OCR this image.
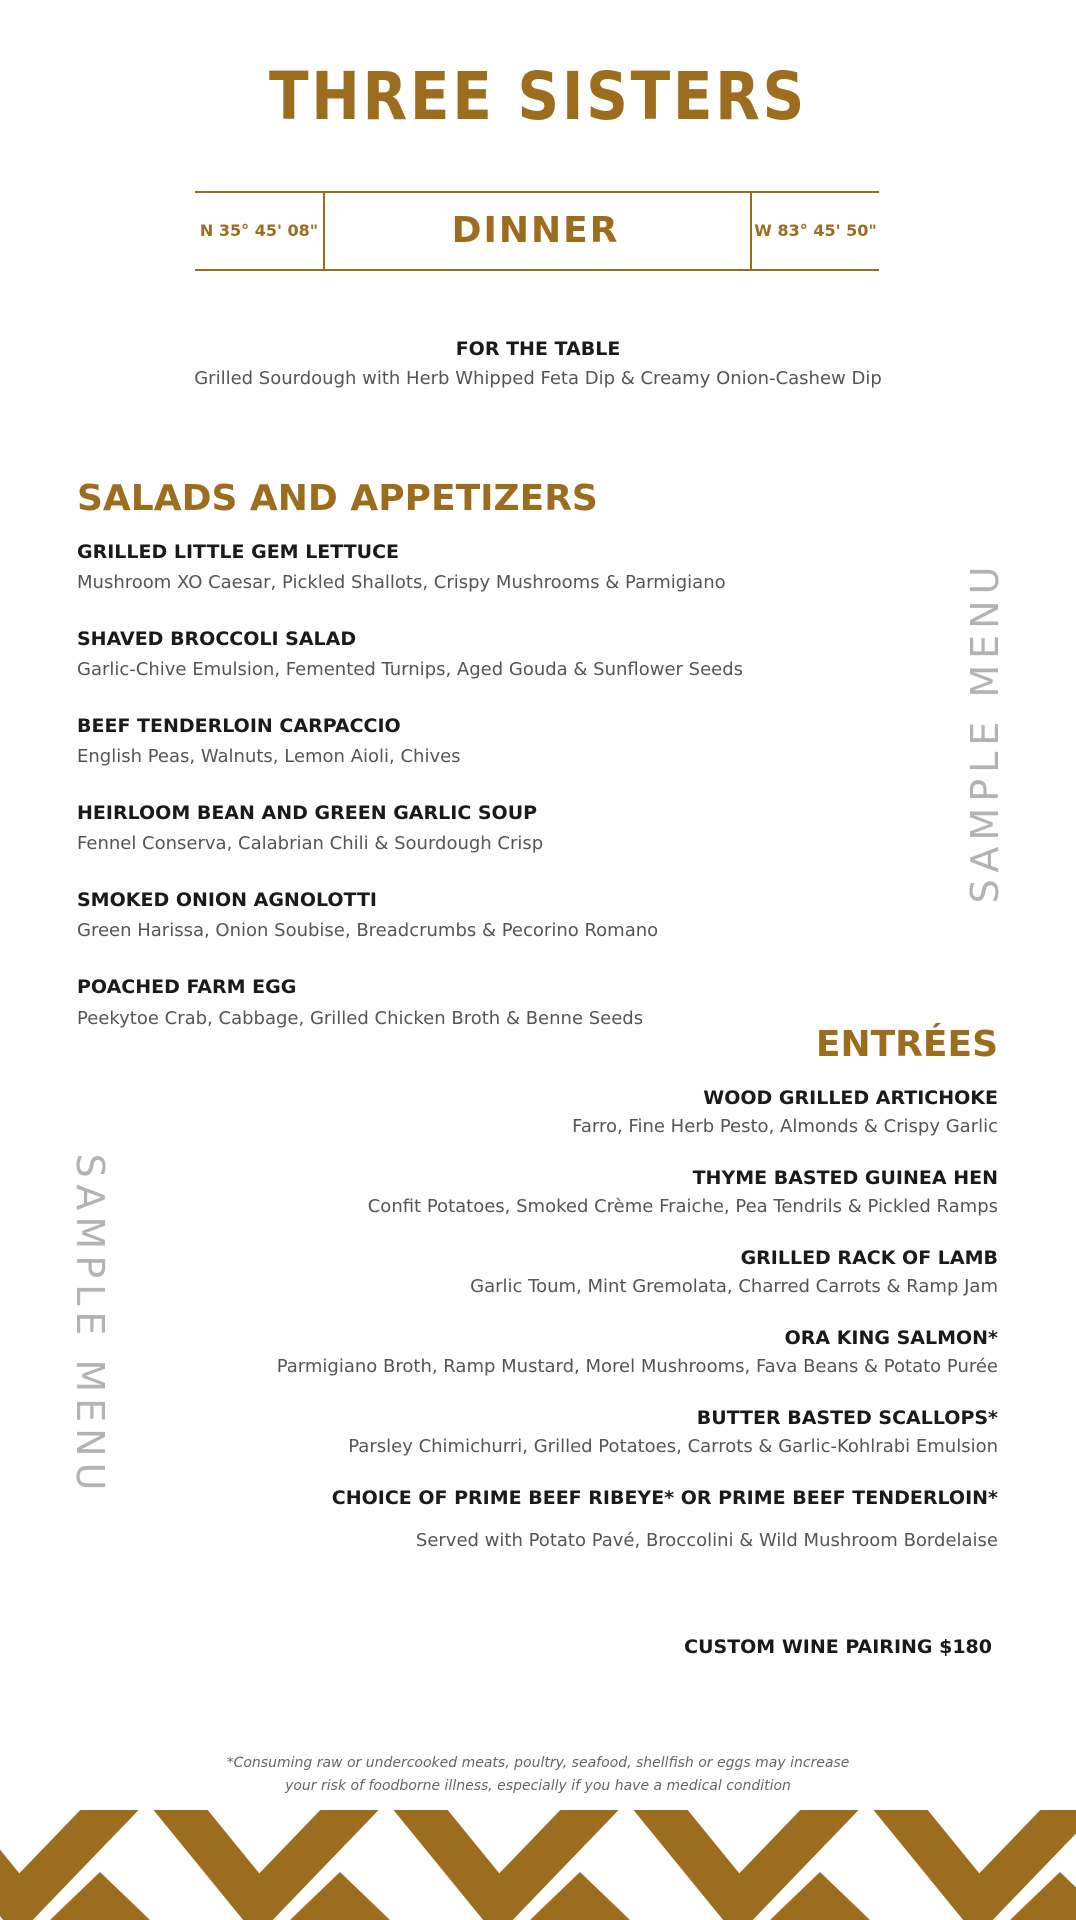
THREE SISTERS
N 35° 45' 08"	DINNER	W 83° 45' 50"
FOR THE TABLE
Grilled Sourdough with Herb Whipped Feta Dip & Creamy Onion-Cashew Dip
SALADS AND APPETIZERS
GRILLED LITTLE GEM LETTUCE
Mushroom XO Caesar, Pickled Shallots, Crispy Mushrooms & Parmigiano
SHAVED BROCCOLI SALAD
Garlic-Chive Emulsion, Femented Turnips, Aged Gouda & Sunflower Seeds
BEEF TENDERLOIN CARPACCIO
English Peas, Walnuts, Lemon Aioli, Chives
HEIRLOOM BEAN AND GREEN GARLIC SOUP
Fennel Conserva, Calabrian Chili & Sourdough Crisp
SMOKED ONION AGNOLOTTI
Green Harissa, Onion Soubise, Breadcrumbs & Pecorino Romano
POACHED FARM EGG
Peekytoe Crab, Cabbage, Grilled Chicken Broth & Benne Seeds
ENTRÉES
WOOD GRILLED ARTICHOKE
Farro, Fine Herb Pesto, Almonds & Crispy Garlic
THYME BASTED GUINEA HEN
Confit Potatoes, Smoked Crème Fraiche, Pea Tendrils & Pickled Ramps
GRILLED RACK OF LAMB
Garlic Toum, Mint Gremolata, Charred Carrots & Ramp Jam
ORA KING SALMON*
Parmigiano Broth, Ramp Mustard, Morel Mushrooms, Fava Beans & Potato Purée
BUTTER BASTED SCALLOPS*
Parsley Chimichurri, Grilled Potatoes, Carrots & Garlic-Kohlrabi Emulsion
CHOICE OF PRIME BEEF RIBEYE* OR PRIME BEEF TENDERLOIN*
Served with Potato Pavé, Broccolini & Wild Mushroom Bordelaise
SAMPLE MENU
SAMPLE MENU
CUSTOM WINE PAIRING $180
*Consuming raw or undercooked meats, poultry, seafood, shellfish or eggs may increase
your risk of foodborne illness, especially if you have a medical condition
